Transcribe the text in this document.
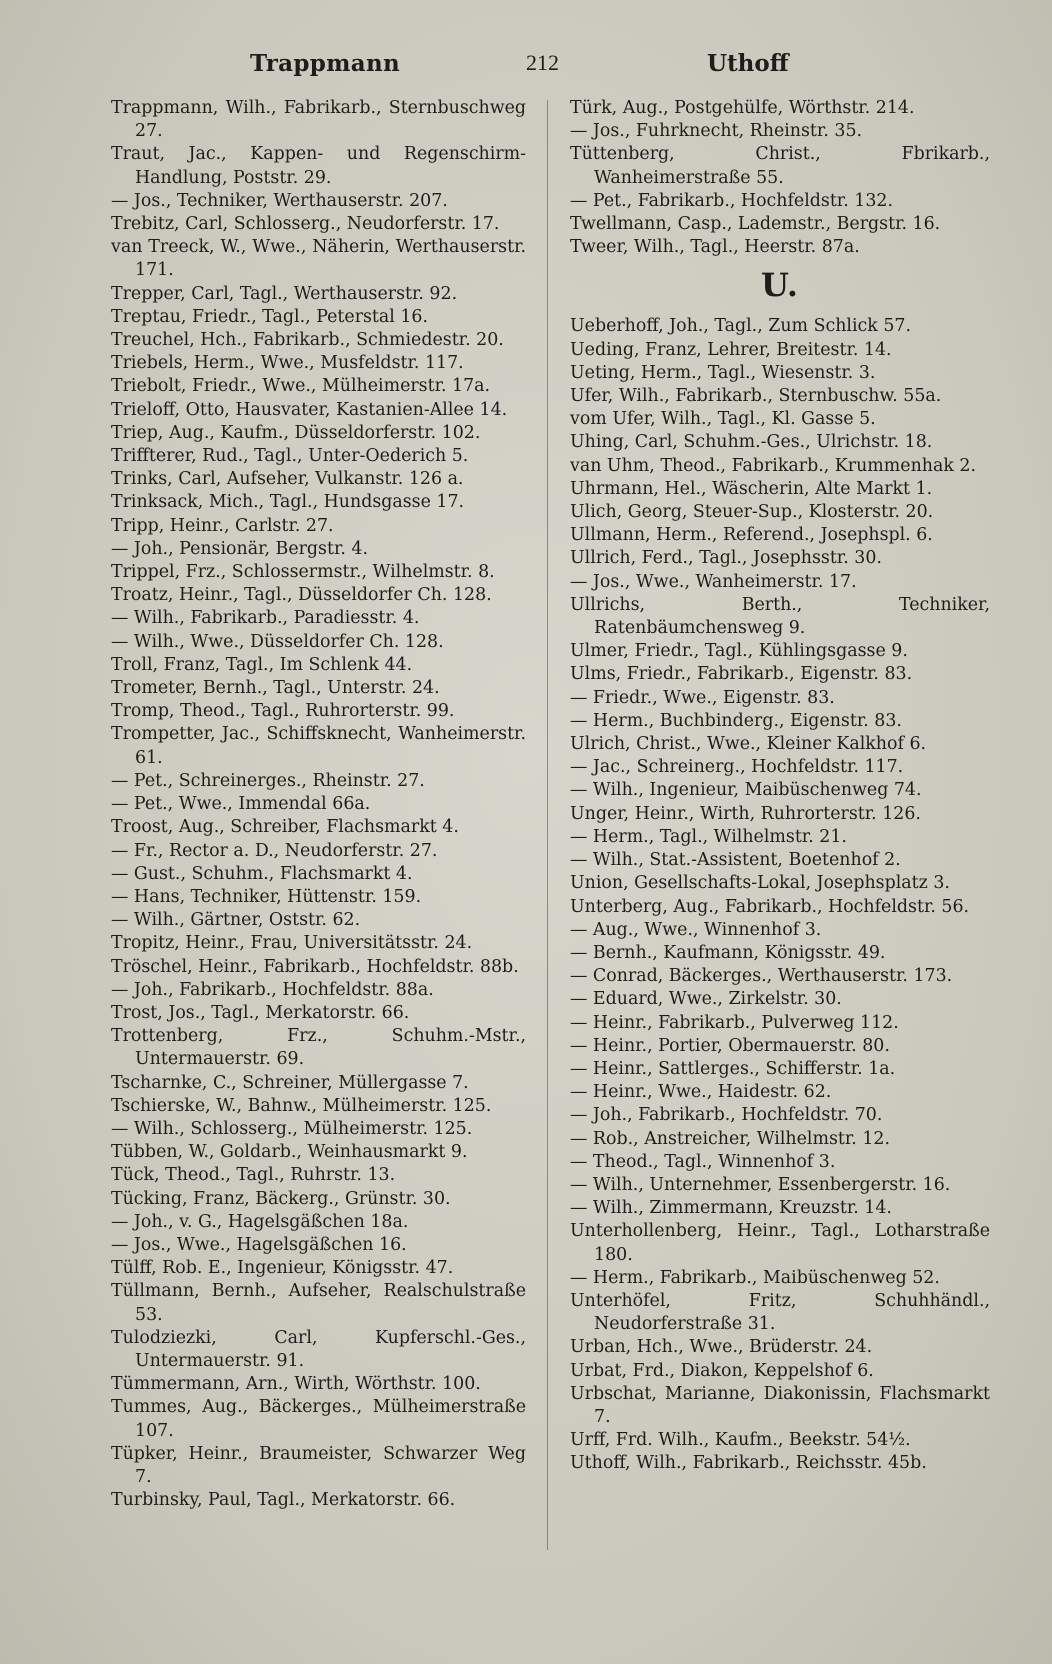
Trappmann	212	Uthoff
Trappmann, Wilh., Fabrikarb., Sternbuschweg 27.
Traut, Jac., Kappen- und Regenschirm-Handlung, Poststr. 29.
— Jos., Techniker, Werthauserstr. 207.
Trebitz, Carl, Schlosserg., Neudorferstr. 17.
van Treeck, W., Wwe., Näherin, Werthauserstr. 171.
Trepper, Carl, Tagl., Werthauserstr. 92.
Treptau, Friedr., Tagl., Peterstal 16.
Treuchel, Hch., Fabrikarb., Schmiedestr. 20.
Triebels, Herm., Wwe., Musfeldstr. 117.
Triebolt, Friedr., Wwe., Mülheimerstr. 17a.
Trieloff, Otto, Hausvater, Kastanien-Allee 14.
Triep, Aug., Kaufm., Düsseldorferstr. 102.
Triffterer, Rud., Tagl., Unter-Oederich 5.
Trinks, Carl, Aufseher, Vulkanstr. 126 a.
Trinksack, Mich., Tagl., Hundsgasse 17.
Tripp, Heinr., Carlstr. 27.
— Joh., Pensionär, Bergstr. 4.
Trippel, Frz., Schlossermstr., Wilhelmstr. 8.
Troatz, Heinr., Tagl., Düsseldorfer Ch. 128.
— Wilh., Fabrikarb., Paradiesstr. 4.
— Wilh., Wwe., Düsseldorfer Ch. 128.
Troll, Franz, Tagl., Im Schlenk 44.
Trometer, Bernh., Tagl., Unterstr. 24.
Tromp, Theod., Tagl., Ruhrorterstr. 99.
Trompetter, Jac., Schiffsknecht, Wanheimerstr. 61.
— Pet., Schreinerges., Rheinstr. 27.
— Pet., Wwe., Immendal 66a.
Troost, Aug., Schreiber, Flachsmarkt 4.
— Fr., Rector a. D., Neudorferstr. 27.
— Gust., Schuhm., Flachsmarkt 4.
— Hans, Techniker, Hüttenstr. 159.
— Wilh., Gärtner, Oststr. 62.
Tropitz, Heinr., Frau, Universitätsstr. 24.
Tröschel, Heinr., Fabrikarb., Hochfeldstr. 88b.
— Joh., Fabrikarb., Hochfeldstr. 88a.
Trost, Jos., Tagl., Merkatorstr. 66.
Trottenberg, Frz., Schuhm.-Mstr., Untermauerstr. 69.
Tscharnke, C., Schreiner, Müllergasse 7.
Tschierske, W., Bahnw., Mülheimerstr. 125.
— Wilh., Schlosserg., Mülheimerstr. 125.
Tübben, W., Goldarb., Weinhausmarkt 9.
Tück, Theod., Tagl., Ruhrstr. 13.
Tücking, Franz, Bäckerg., Grünstr. 30.
— Joh., v. G., Hagelsgäßchen 18a.
— Jos., Wwe., Hagelsgäßchen 16.
Tülff, Rob. E., Ingenieur, Königsstr. 47.
Tüllmann, Bernh., Aufseher, Realschulstraße 53.
Tulodziezki, Carl, Kupferschl.-Ges., Untermauerstr. 91.
Tümmermann, Arn., Wirth, Wörthstr. 100.
Tummes, Aug., Bäckerges., Mülheimerstraße 107.
Tüpker, Heinr., Braumeister, Schwarzer Weg 7.
Turbinsky, Paul, Tagl., Merkatorstr. 66.
Türk, Aug., Postgehülfe, Wörthstr. 214.
— Jos., Fuhrknecht, Rheinstr. 35.
Tüttenberg, Christ., Fbrikarb., Wanheimerstraße 55.
— Pet., Fabrikarb., Hochfeldstr. 132.
Twellmann, Casp., Lademstr., Bergstr. 16.
Tweer, Wilh., Tagl., Heerstr. 87a.
U.
Ueberhoff, Joh., Tagl., Zum Schlick 57.
Ueding, Franz, Lehrer, Breitestr. 14.
Ueting, Herm., Tagl., Wiesenstr. 3.
Ufer, Wilh., Fabrikarb., Sternbuschw. 55a.
vom Ufer, Wilh., Tagl., Kl. Gasse 5.
Uhing, Carl, Schuhm.-Ges., Ulrichstr. 18.
van Uhm, Theod., Fabrikarb., Krummenhak 2.
Uhrmann, Hel., Wäscherin, Alte Markt 1.
Ulich, Georg, Steuer-Sup., Klosterstr. 20.
Ullmann, Herm., Referend., Josephspl. 6.
Ullrich, Ferd., Tagl., Josephsstr. 30.
— Jos., Wwe., Wanheimerstr. 17.
Ullrichs, Berth., Techniker, Ratenbäumchensweg 9.
Ulmer, Friedr., Tagl., Kühlingsgasse 9.
Ulms, Friedr., Fabrikarb., Eigenstr. 83.
— Friedr., Wwe., Eigenstr. 83.
— Herm., Buchbinderg., Eigenstr. 83.
Ulrich, Christ., Wwe., Kleiner Kalkhof 6.
— Jac., Schreinerg., Hochfeldstr. 117.
— Wilh., Ingenieur, Maibüschenweg 74.
Unger, Heinr., Wirth, Ruhrorterstr. 126.
— Herm., Tagl., Wilhelmstr. 21.
— Wilh., Stat.-Assistent, Boetenhof 2.
Union, Gesellschafts-Lokal, Josephsplatz 3.
Unterberg, Aug., Fabrikarb., Hochfeldstr. 56.
— Aug., Wwe., Winnenhof 3.
— Bernh., Kaufmann, Königsstr. 49.
— Conrad, Bäckerges., Werthauserstr. 173.
— Eduard, Wwe., Zirkelstr. 30.
— Heinr., Fabrikarb., Pulverweg 112.
— Heinr., Portier, Obermauerstr. 80.
— Heinr., Sattlerges., Schifferstr. 1a.
— Heinr., Wwe., Haidestr. 62.
— Joh., Fabrikarb., Hochfeldstr. 70.
— Rob., Anstreicher, Wilhelmstr. 12.
— Theod., Tagl., Winnenhof 3.
— Wilh., Unternehmer, Essenbergerstr. 16.
— Wilh., Zimmermann, Kreuzstr. 14.
Unterhollenberg, Heinr., Tagl., Lotharstraße 180.
— Herm., Fabrikarb., Maibüschenweg 52.
Unterhöfel, Fritz, Schuhhändl., Neudorferstraße 31.
Urban, Hch., Wwe., Brüderstr. 24.
Urbat, Frd., Diakon, Keppelshof 6.
Urbschat, Marianne, Diakonissin, Flachsmarkt 7.
Urff, Frd. Wilh., Kaufm., Beekstr. 54½.
Uthoff, Wilh., Fabrikarb., Reichsstr. 45b.
